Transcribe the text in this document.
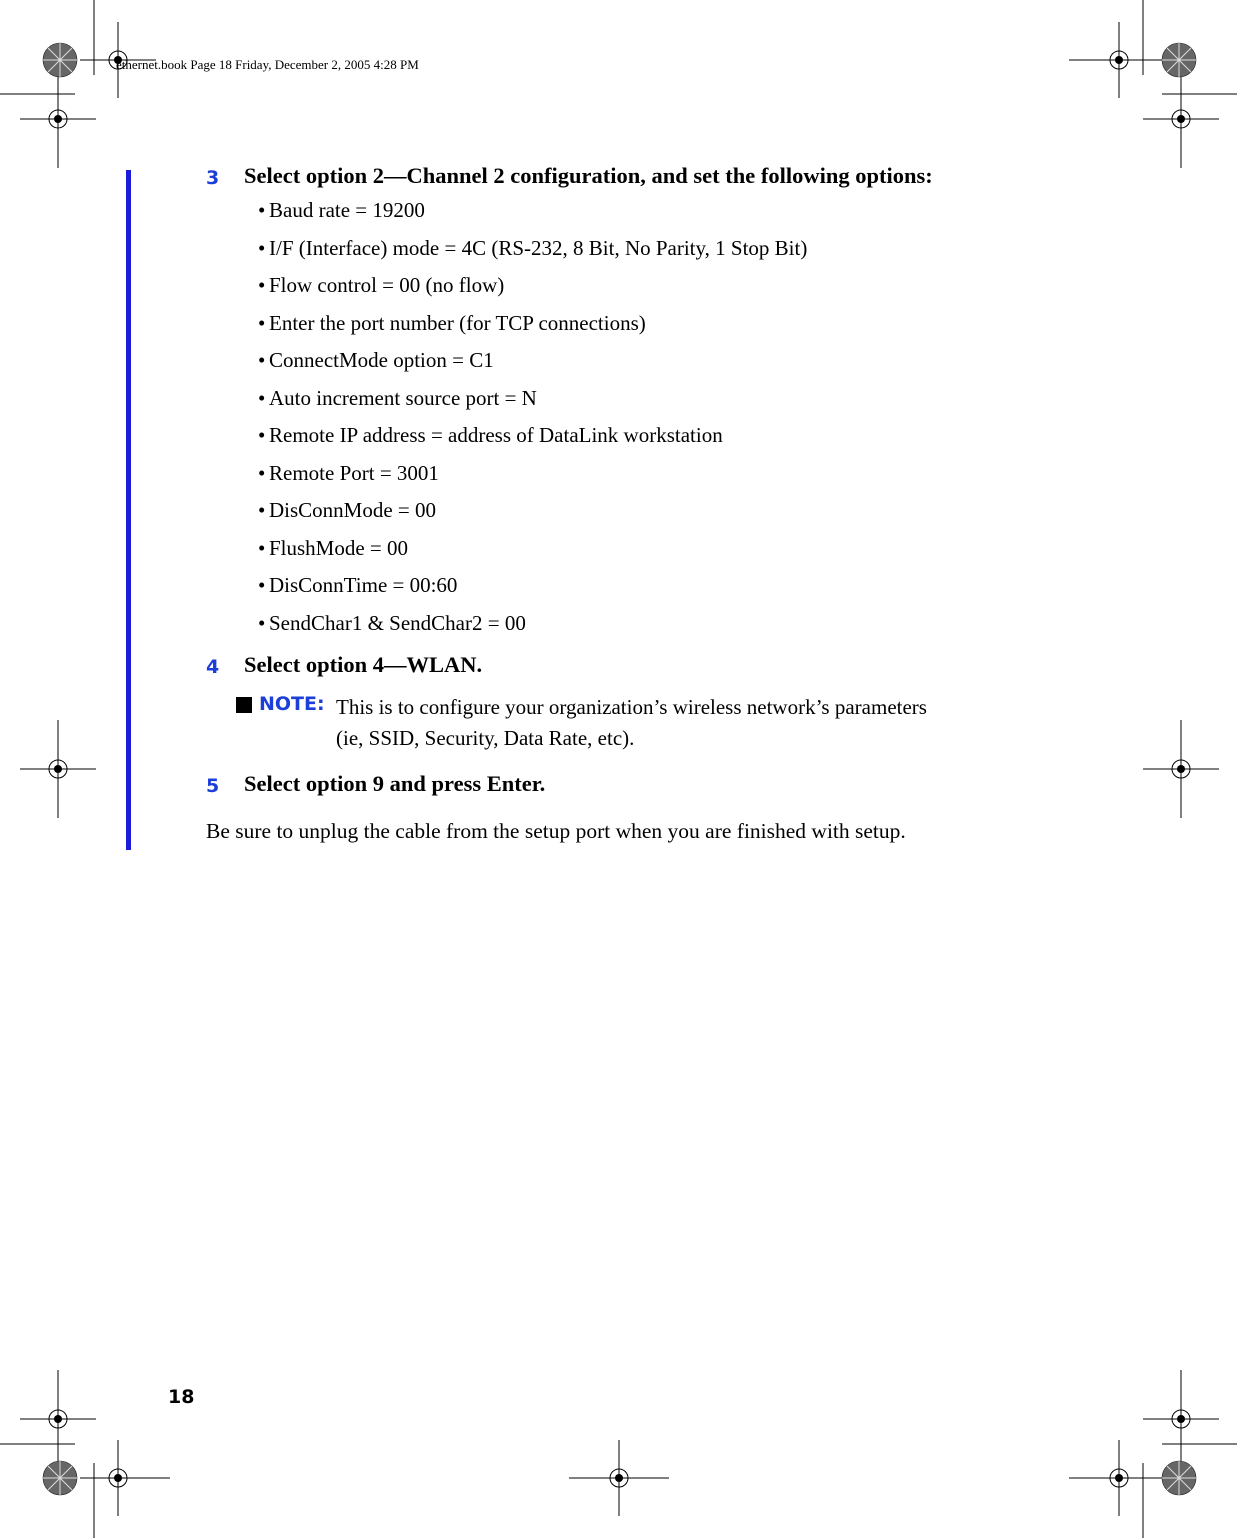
ethernet.book Page 18 Friday, December 2, 2005 4:28 PM
3 Select option 2—Channel 2 configuration, and set the following options:
• Baud rate = 19200
• I/F (Interface) mode = 4C (RS-232, 8 Bit, No Parity, 1 Stop Bit)
• Flow control = 00 (no flow)
• Enter the port number (for TCP connections)
• ConnectMode option = C1
• Auto increment source port = N
• Remote IP address = address of DataLink workstation
• Remote Port = 3001
• DisConnMode = 00
• FlushMode = 00
• DisConnTime = 00:60
• SendChar1 & SendChar2 = 00
4 Select option 4—WLAN.
NOTE: This is to configure your organization’s wireless network’s parameters
(ie, SSID, Security, Data Rate, etc).
5 Select option 9 and press Enter.
Be sure to unplug the cable from the setup port when you are finished with setup.
18
